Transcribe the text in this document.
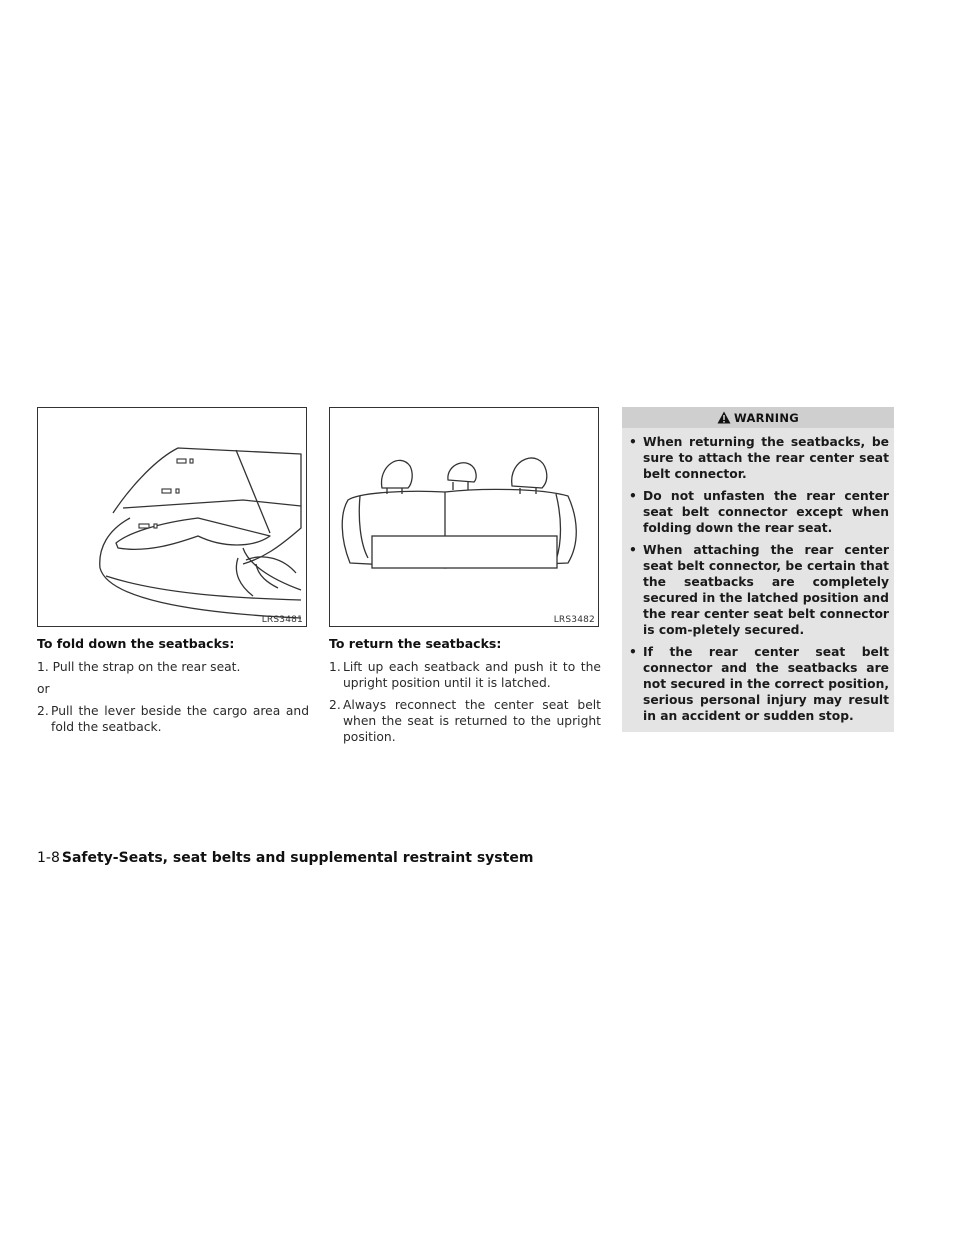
LRS3481
To fold down the seatbacks:

1. Pull the strap on the rear seat.

or

2. Pull the lever beside the cargo area and fold the seatback.

LRS3482
To return the seatbacks:

1. Lift up each seatback and push it to the upright position until it is latched.

2. Always reconnect the center seat belt when the seat is returned to the upright position.

WARNING
• When returning the seatbacks, be sure to attach the rear center seat belt connector.
• Do not unfasten the rear center seat belt connector except when folding down the rear seat.
• When attaching the rear center seat belt connector, be certain that the seatbacks are completely secured in the latched position and the rear center seat belt connector is com-pletely secured.
• If the rear center seat belt connector and the seatbacks are not secured in the correct position, serious personal injury may result in an accident or sudden stop.
1-8 Safety-Seats, seat belts and supplemental restraint system
